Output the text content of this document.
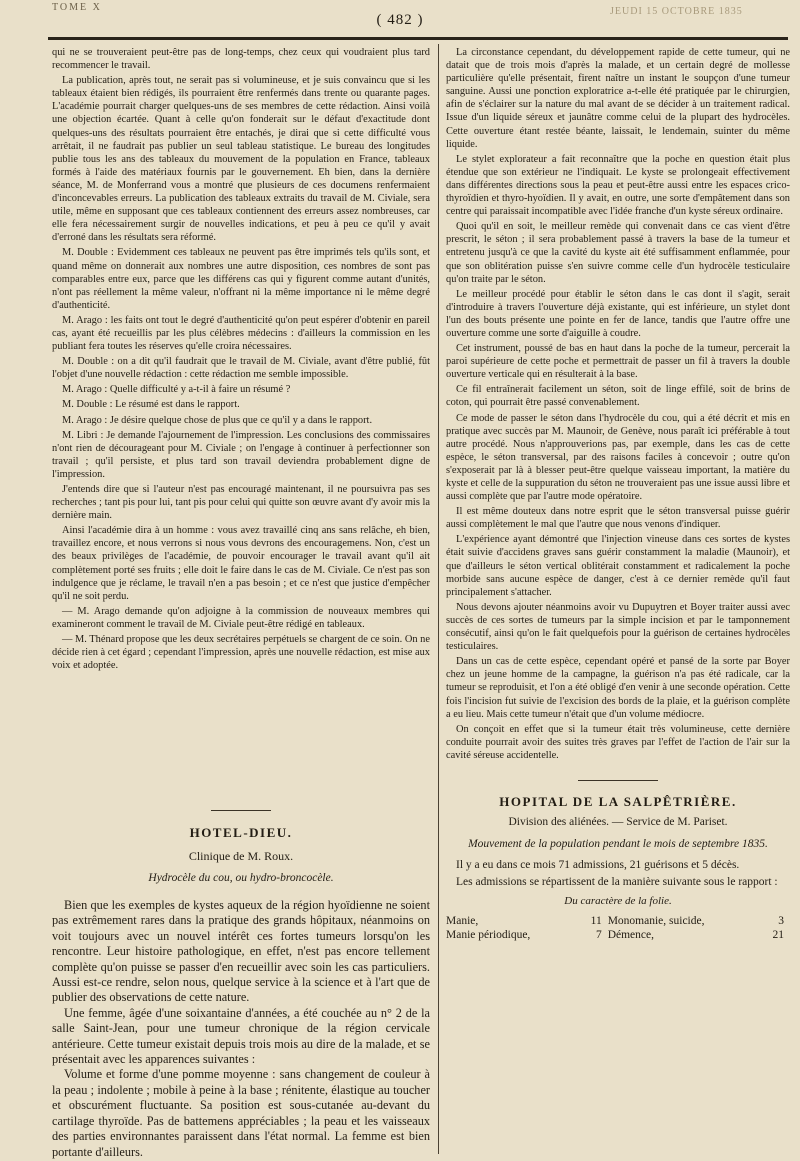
TOME X
( 482 )
JEUDI 15 OCTOBRE 1835

qui ne se trouveraient peut-être pas de long-temps, chez ceux qui voudraient plus tard recommencer le travail.

La publication, après tout, ne serait pas si volumineuse, et je suis convaincu que si les tableaux étaient bien rédigés, ils pourraient être renfermés dans trente ou quarante pages. L'académie pourrait charger quelques-uns de ses membres de cette rédaction. Ainsi voilà une objection écartée. Quant à celle qu'on fonderait sur le défaut d'exactitude dont quelques-uns des résultats pourraient être entachés, je dirai que si cette difficulté vous arrêtait, il ne faudrait pas publier un seul tableau statistique. Le bureau des longitudes publie tous les ans des tableaux du mouvement de la population en France, tableaux formés à l'aide des matériaux fournis par le gouvernement. Eh bien, dans la dernière séance, M. de Monferrand vous a montré que plusieurs de ces documens renfermaient d'inconcevables erreurs. La publication des tableaux extraits du travail de M. Civiale, sera utile, même en supposant que ces tableaux contiennent des erreurs assez nombreuses, car elle fera nécessairement surgir de nouvelles indications, et peu à peu ce qu'il y avait d'erroné dans les résultats sera réformé.

M. Double : Evidemment ces tableaux ne peuvent pas être imprimés tels qu'ils sont, et quand même on donnerait aux nombres une autre disposition, ces nombres de sont pas comparables entre eux, parce que les différens cas qui y figurent comme autant d'unités, n'ont pas réellement la même valeur, n'offrant ni la même importance ni le même degré d'authenticité.

M. Arago : les faits ont tout le degré d'authenticité qu'on peut espérer d'obtenir en pareil cas, ayant été recueillis par les plus célèbres médecins : d'ailleurs la commission en les publiant fera toutes les réserves qu'elle croira nécessaires.

M. Double : on a dit qu'il faudrait que le travail de M. Civiale, avant d'être publié, fût l'objet d'une nouvelle rédaction : cette rédaction me semble impossible.

M. Arago : Quelle difficulté y a-t-il à faire un résumé ?

M. Double : Le résumé est dans le rapport.

M. Arago : Je désire quelque chose de plus que ce qu'il y a dans le rapport.

M. Libri : Je demande l'ajournement de l'impression. Les conclusions des commissaires n'ont rien de décourageant pour M. Civiale ; on l'engage à continuer à perfectionner son travail ; qu'il persiste, et plus tard son travail deviendra probablement digne de l'impression.

J'entends dire que si l'auteur n'est pas encouragé maintenant, il ne poursuivra pas ses recherches ; tant pis pour lui, tant pis pour celui qui quitte son œuvre avant d'y avoir mis la dernière main.

Ainsi l'académie dira à un homme : vous avez travaillé cinq ans sans relâche, eh bien, travaillez encore, et nous verrons si nous vous devrons des encouragemens. Non, c'est un des beaux privilèges de l'académie, de pouvoir encourager le travail avant qu'il ait complètement porté ses fruits ; elle doit le faire dans le cas de M. Civiale. Ce n'est pas son indulgence que je réclame, le travail n'en a pas besoin ; et ce n'est que justice d'empêcher qu'il ne soit perdu.

— M. Arago demande qu'on adjoigne à la commission de nouveaux membres qui examineront comment le travail de M. Civiale peut-être rédigé en tableaux.

— M. Thénard propose que les deux secrétaires perpétuels se chargent de ce soin. On ne décide rien à cet égard ; cependant l'impression, après une nouvelle rédaction, est mise aux voix et adoptée.

HOTEL-DIEU.
Clinique de M. Roux.
Hydrocèle du cou, ou hydro-broncocèle.

Bien que les exemples de kystes aqueux de la région hyoïdienne ne soient pas extrêmement rares dans la pratique des grands hôpitaux, néanmoins on voit toujours avec un nouvel intérêt ces fortes tumeurs lorsqu'on les rencontre. Leur histoire pathologique, en effet, n'est pas encore tellement complète qu'on puisse se passer d'en recueillir avec soin les cas particuliers. Aussi est-ce rendre, selon nous, quelque service à la science et à l'art que de publier des observations de cette nature.

Une femme, âgée d'une soixantaine d'années, a été couchée au n° 2 de la salle Saint-Jean, pour une tumeur chronique de la région cervicale antérieure. Cette tumeur existait depuis trois mois au dire de la malade, et se présentait avec les apparences suivantes :

Volume et forme d'une pomme moyenne : sans changement de couleur à la peau ; indolente ; mobile à peine à la base ; rénitente, élastique au toucher et obscurément fluctuante. Sa position est sous-cutanée au-devant du cartilage thyroïde. Pas de battemens appréciables ; la peau et les vaisseaux des parties environnantes paraissent dans l'état normal. La femme est bien portante d'ailleurs.

La circonstance cependant, du développement rapide de cette tumeur, qui ne datait que de trois mois d'après la malade, et un certain degré de mollesse particulière qu'elle présentait, firent naître un instant le soupçon d'une tumeur sanguine. Aussi une ponction exploratrice a-t-elle été pratiquée par le chirurgien, afin de s'éclairer sur la nature du mal avant de se décider à un traitement radical. Issue d'un liquide séreux et jaunâtre comme celui de la plupart des hydrocèles. Cette ouverture étant restée béante, laissait, le lendemain, suinter du même liquide.

Le stylet explorateur a fait reconnaître que la poche en question était plus étendue que son extérieur ne l'indiquait. Le kyste se prolongeait effectivement dans différentes directions sous la peau et peut-être aussi entre les espaces crico-thyroïdien et thyro-hyoïdien. Il y avait, en outre, une sorte d'empâtement dans son centre qui paraissait incompatible avec l'idée franche d'un kyste séreux ordinaire.

Quoi qu'il en soit, le meilleur remède qui convenait dans ce cas vient d'être prescrit, le séton ; il sera probablement passé à travers la base de la tumeur et entretenu jusqu'à ce que la cavité du kyste ait été suffisamment enflammée, pour que son oblitération puisse s'en suivre comme celle d'un hydrocèle testiculaire qu'on traite par le séton.

Le meilleur procédé pour établir le séton dans le cas dont il s'agit, serait d'introduire à travers l'ouverture déjà existante, qui est inférieure, un stylet dont l'un des bouts présente une pointe en fer de lance, tandis que l'autre offre une ouverture comme une sorte d'aiguille à coudre.

Cet instrument, poussé de bas en haut dans la poche de la tumeur, percerait la paroi supérieure de cette poche et permettrait de passer un fil à travers la double ouverture verticale qui en résulterait à la base.

Ce fil entraînerait facilement un séton, soit de linge effilé, soit de brins de coton, qui pourrait être passé convenablement.

Ce mode de passer le séton dans l'hydrocèle du cou, qui a été décrit et mis en pratique avec succès par M. Maunoir, de Genève, nous paraît ici préférable à tout autre procédé. Nous n'approuverions pas, par exemple, dans les cas de cette espèce, le séton transversal, par des raisons faciles à concevoir ; outre qu'on s'exposerait par là à blesser peut-être quelque vaisseau important, la matière du kyste et celle de la suppuration du séton ne trouveraient pas une issue aussi libre et aussi complète que par l'autre mode opératoire.

Il est même douteux dans notre esprit que le séton transversal puisse guérir aussi complètement le mal que l'autre que nous venons d'indiquer.

L'expérience ayant démontré que l'injection vineuse dans ces sortes de kystes était suivie d'accidens graves sans guérir constamment la maladie (Maunoir), et que d'ailleurs le séton vertical oblitérait constamment et radicalement la poche morbide sans aucune espèce de danger, c'est à ce dernier remède qu'il faut principalement s'attacher.

Nous devons ajouter néanmoins avoir vu Dupuytren et Boyer traiter aussi avec succès de ces sortes de tumeurs par la simple incision et par le tamponnement consécutif, ainsi qu'on le fait quelquefois pour la guérison de certaines hydrocèles testiculaires.

Dans un cas de cette espèce, cependant opéré et pansé de la sorte par Boyer chez un jeune homme de la campagne, la guérison n'a pas été radicale, car la tumeur se reproduisit, et l'on a été obligé d'en venir à une seconde opération. Cette fois l'incision fut suivie de l'excision des bords de la plaie, et la guérison complète a eu lieu. Mais cette tumeur n'était que d'un volume médiocre.

On conçoit en effet que si la tumeur était très volumineuse, cette dernière conduite pourrait avoir des suites très graves par l'effet de l'action de l'air sur la cavité séreuse accidentelle.

HOPITAL DE LA SALPÊTRIÈRE.
Division des aliénées. — Service de M. Pariset.
Mouvement de la population pendant le mois de septembre 1835.

Il y a eu dans ce mois 71 admissions, 21 guérisons et 5 décès.

Les admissions se répartissent de la manière suivante sous le rapport :

Du caractère de la folie.
Manie,	11	Monomanie, suicide,	3
Manie périodique,	7	Démence,	21
